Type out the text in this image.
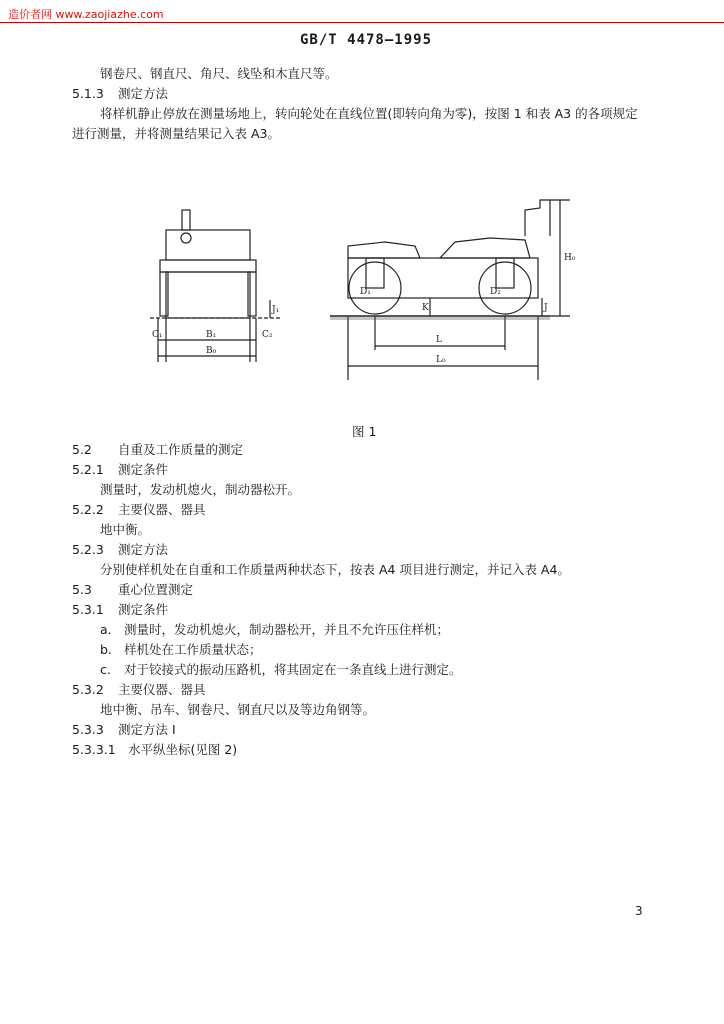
造价者网 www.zaojiazhe.com
GB/T 4478—1995
钢卷尺、钢直尺、角尺、线坠和木直尺等。
5.1.3 测定方法
将样机静止停放在测量场地上，转向轮处在直线位置(即转向角为零)，按图 1 和表 A3 的各项规定
进行测量，并将测量结果记入表 A3。
C₁	B₁	C₂
B₀
J₁
D₁	D₂
K	J
L
L₀
H₀
图 1
5.2 自重及工作质量的测定
5.2.1 测定条件
测量时，发动机熄火，制动器松开。
5.2.2 主要仪器、器具
地中衡。
5.2.3 测定方法
分别使样机处在自重和工作质量两种状态下，按表 A4 项目进行测定，并记入表 A4。
5.3 重心位置测定
5.3.1 测定条件
a. 测量时，发动机熄火，制动器松开，并且不允许压住样机；
b. 样机处在工作质量状态；
c. 对于铰接式的振动压路机，将其固定在一条直线上进行测定。
5.3.2 主要仪器、器具
地中衡、吊车、钢卷尺、钢直尺以及等边角钢等。
5.3.3 测定方法 I
5.3.3.1 水平纵坐标(见图 2)
3
